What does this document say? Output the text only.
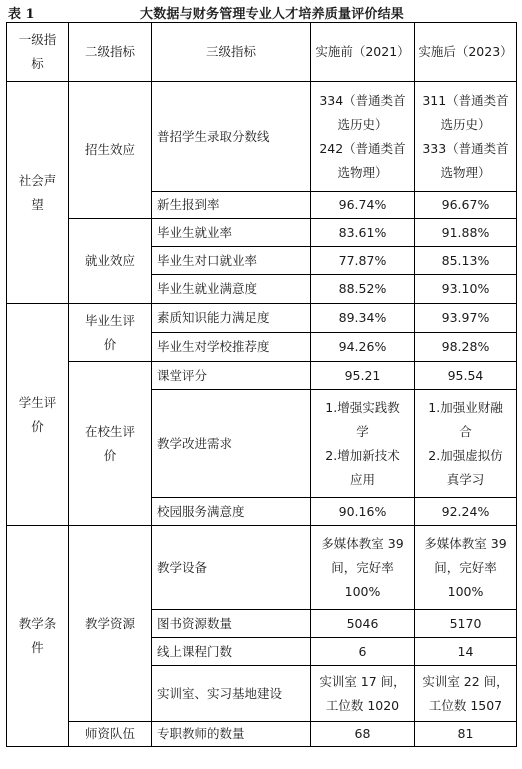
表 1	大数据与财务管理专业人才培养质量评价结果
一级指
标	二级指标	三级指标	实施前（2021）	实施后（2023）

社会声
望	招生效应	普招学生录取分数线	334（普通类首
选历史）
242（普通类首
选物理）	311（普通类首
选历史）
333（普通类首
选物理）

		新生报到率	96.74%	96.67%
	就业效应	毕业生就业率	83.61%	91.88%
		毕业生对口就业率	77.87%	85.13%
		毕业生就业满意度	88.52%	93.10%

学生评
价	毕业生评
价	素质知识能力满足度	89.34%	93.97%
		毕业生对学校推荐度	94.26%	98.28%

	在校生评
价	课堂评分	95.21	95.54
		教学改进需求	1.增强实践教
学
2.增加新技术
应用	1.加强业财融
合
2.加强虚拟仿
真学习

		校园服务满意度	90.16%	92.24%

教学条
件	教学资源	教学设备	多媒体教室 39
间，完好率
100%	多媒体教室 39
间，完好率
100%

		图书资源数量	5046	5170
		线上课程门数	6	14
		实训室、实习基地建设	实训室 17 间，
工位数 1020	实训室 22 间，
工位数 1507

	师资队伍	专职教师的数量	68	81
